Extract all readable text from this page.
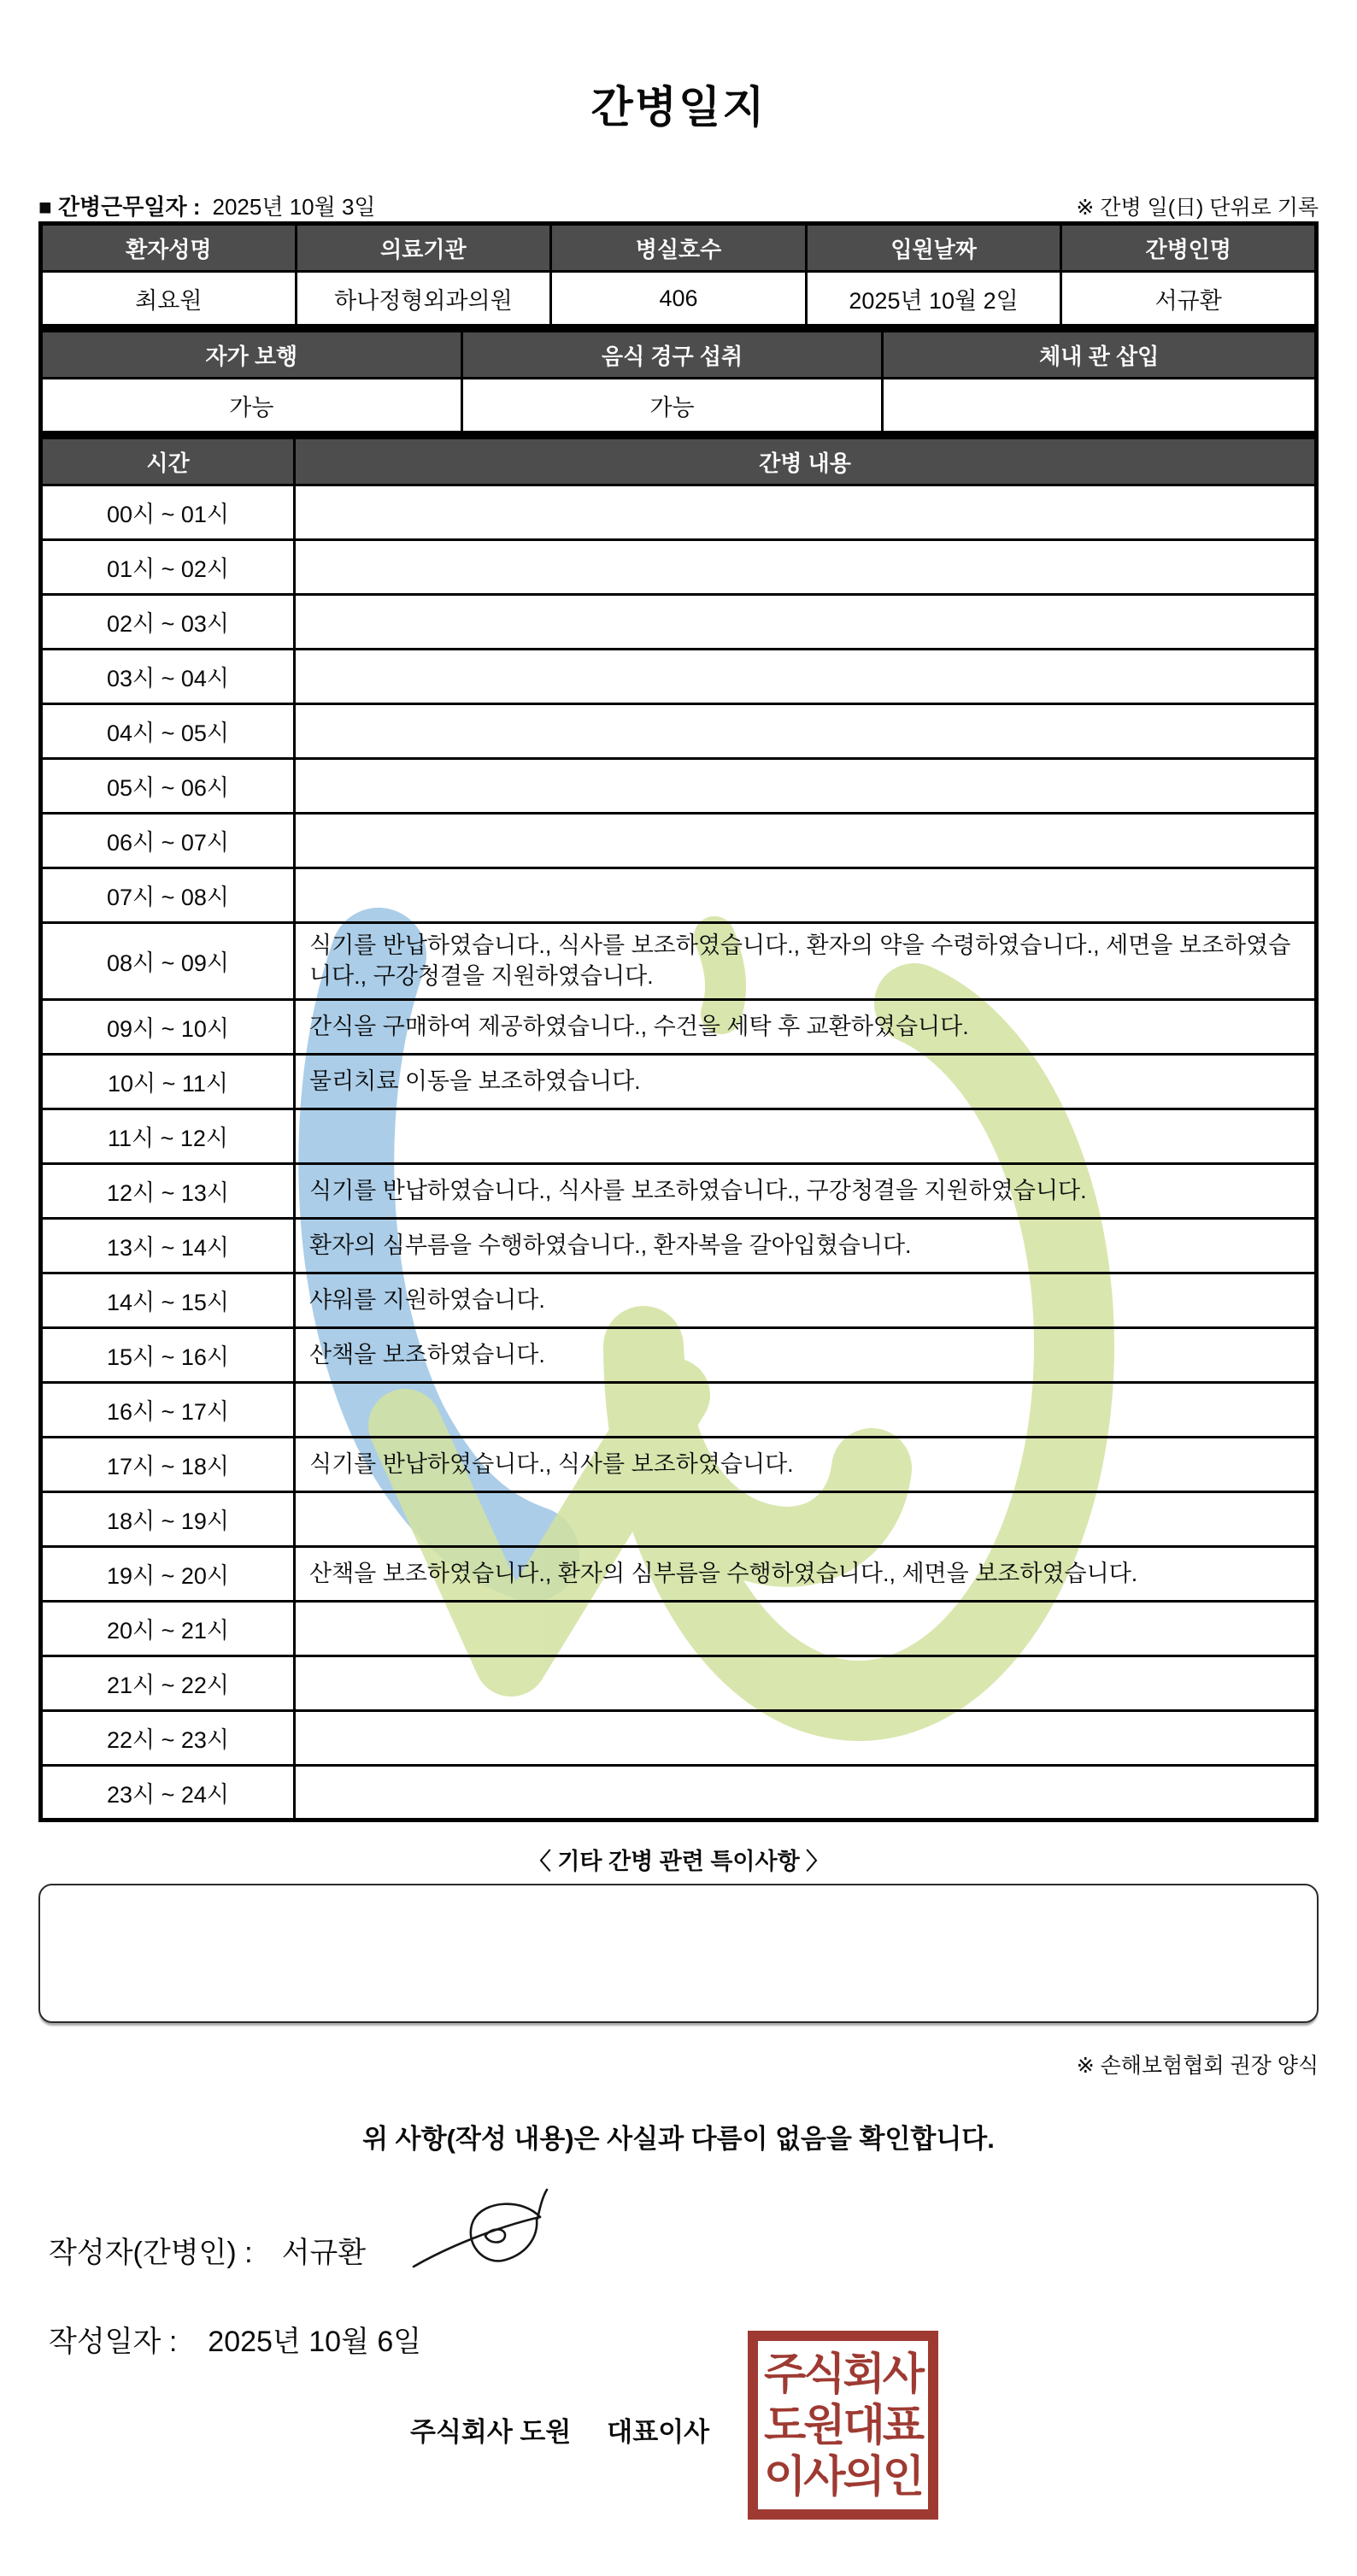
간병일지
■ 간병근무일자 : 2025년 10월 3일	※ 간병 일(日) 단위로 기록
환자성명	의료기관	병실호수	입원날짜	간병인명
최요원	하나정형외과의원	406	2025년 10월 2일	서규환
자가 보행	음식 경구 섭취	체내 관 삽입
가능	가능	
시간	간병 내용
00시 ~ 01시	
01시 ~ 02시	
02시 ~ 03시	
03시 ~ 04시	
04시 ~ 05시	
05시 ~ 06시	
06시 ~ 07시	
07시 ~ 08시	
08시 ~ 09시	식기를 반납하였습니다., 식사를 보조하였습니다., 환자의 약을 수령하였습니다., 세면을 보조하였습니다., 구강청결을 지원하였습니다.
09시 ~ 10시	간식을 구매하여 제공하였습니다., 수건을 세탁 후 교환하였습니다.
10시 ~ 11시	물리치료 이동을 보조하였습니다.
11시 ~ 12시	
12시 ~ 13시	식기를 반납하였습니다., 식사를 보조하였습니다., 구강청결을 지원하였습니다.
13시 ~ 14시	환자의 심부름을 수행하였습니다., 환자복을 갈아입혔습니다.
14시 ~ 15시	샤워를 지원하였습니다.
15시 ~ 16시	산책을 보조하였습니다.
16시 ~ 17시	
17시 ~ 18시	식기를 반납하였습니다., 식사를 보조하였습니다.
18시 ~ 19시	
19시 ~ 20시	산책을 보조하였습니다., 환자의 심부름을 수행하였습니다., 세면을 보조하였습니다.
20시 ~ 21시	
21시 ~ 22시	
22시 ~ 23시	
23시 ~ 24시	
〈 기타 간병 관련 특이사항 〉
※ 손해보험협회 권장 양식
위 사항(작성 내용)은 사실과 다름이 없음을 확인합니다.
작성자(간병인) : 서규환
작성일자 : 2025년 10월 6일
주식회사 도원 대표이사
주식회사
도원대표
이사의인
